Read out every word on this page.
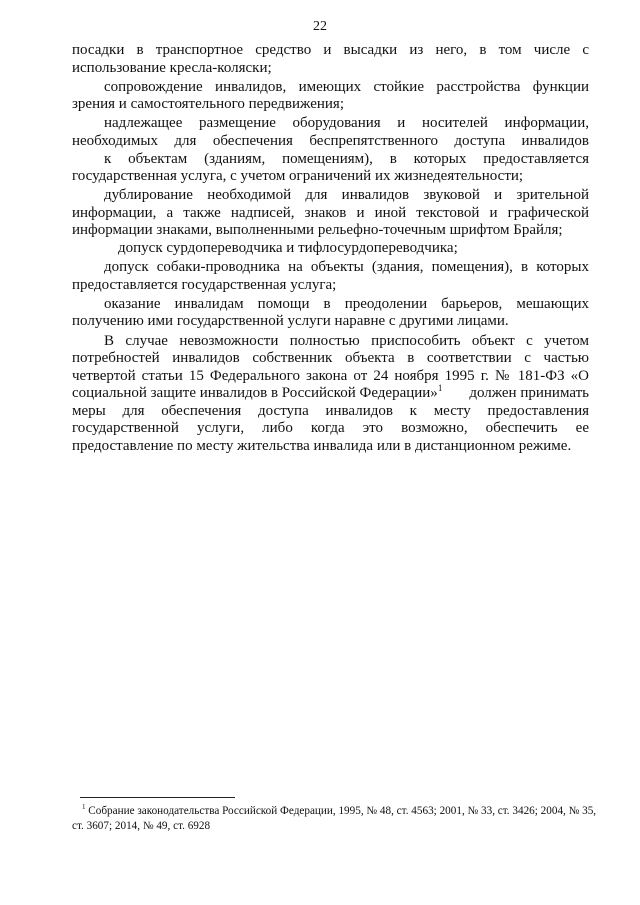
22
посадки в транспортное средство и высадки из него, в том числе с
использование кресла-коляски;
сопровождение инвалидов, имеющих стойкие расстройства функции
зрения и самостоятельного передвижения;
надлежащее размещение оборудования и носителей информации,
необходимых для обеспечения беспрепятственного доступа инвалидов
к объектам (зданиям, помещениям), в которых предоставляется
государственная услуга, с учетом ограничений их жизнедеятельности;
дублирование необходимой для инвалидов звуковой и зрительной
информации, а также надписей, знаков и иной текстовой и графической
информации знаками, выполненными рельефно-точечным шрифтом Брайля;
допуск сурдопереводчика и тифлосурдопереводчика;
допуск собаки-проводника на объекты (здания, помещения), в которых
предоставляется государственная услуга;
оказание инвалидам помощи в преодолении барьеров, мешающих
получению ими государственной услуги наравне с другими лицами.
В случае невозможности полностью приспособить объект с учетом
потребностей инвалидов собственник объекта в соответствии с частью
четвертой статьи 15 Федерального закона от 24 ноября 1995 г. № 181-ФЗ «О
социальной защите инвалидов в Российской Федерации»$^1$ должен принимать
меры для обеспечения доступа инвалидов к месту предоставления
государственной услуги, либо когда это возможно, обеспечить ее
предоставление по месту жительства инвалида или в дистанционном режиме.
$^1$ Собрание законодательства Российской Федерации, 1995, № 48, ст. 4563; 2001, № 33, ст. 3426; 2004, № 35,
ст. 3607; 2014, № 49, ст. 6928
